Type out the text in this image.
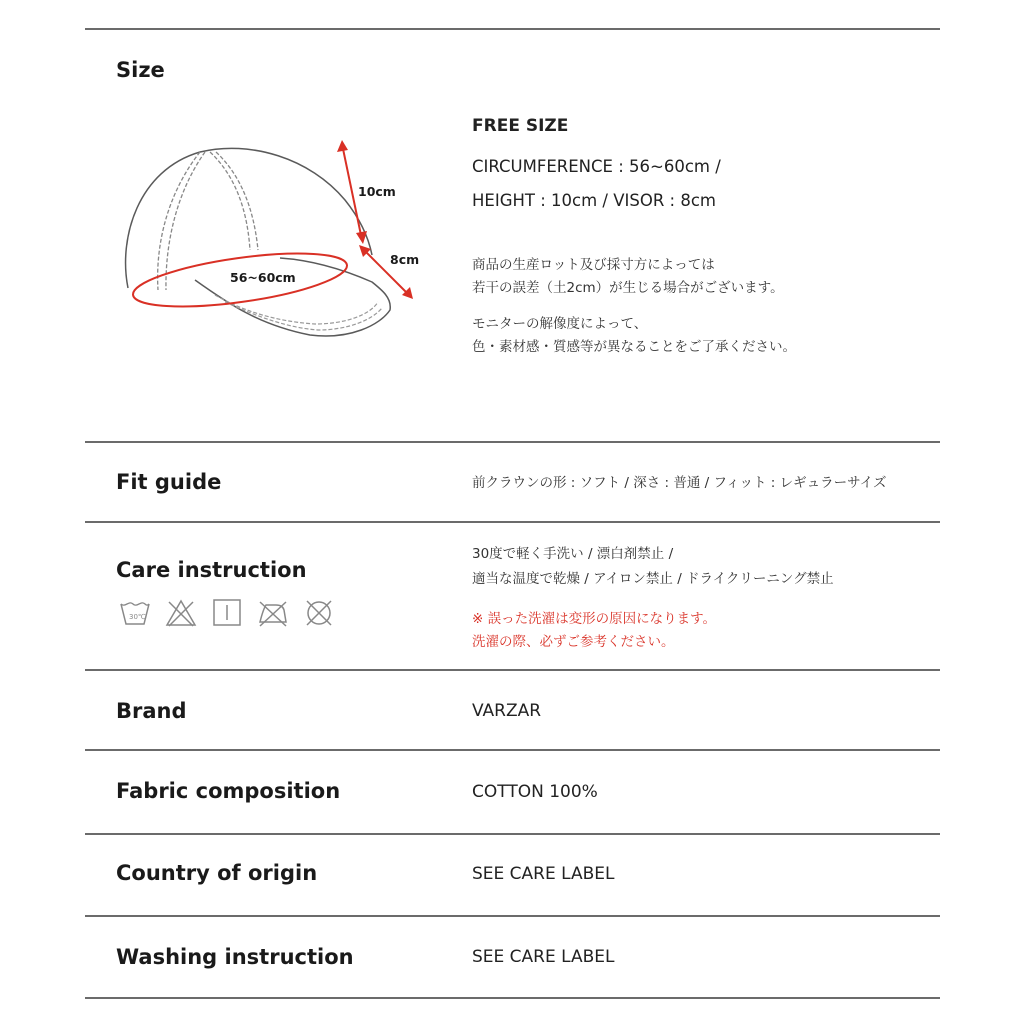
Size
10cm
8cm
56~60cm
FREE SIZE
CIRCUMFERENCE : 56~60cm /
HEIGHT : 10cm / VISOR : 8cm
商品の生産ロット及び採寸方によっては
若干の誤差（土2cm）が生じる場合がございます。
モニターの解像度によって、
色・素材感・質感等が異なることをご了承ください。
Fit guide	前クラウンの形 : ソフト / 深さ : 普通 / フィット : レギュラーサイズ
Care instruction
30度で軽く手洗い / 漂白剤禁止 /
適当な温度で乾燥 / アイロン禁止 / ドライクリーニング禁止
※ 誤った洗濯は変形の原因になります。
洗濯の際、必ずご参考ください。
30℃
Brand	VARZAR
Fabric composition	COTTON 100%
Country of origin	SEE CARE LABEL
Washing instruction	SEE CARE LABEL
